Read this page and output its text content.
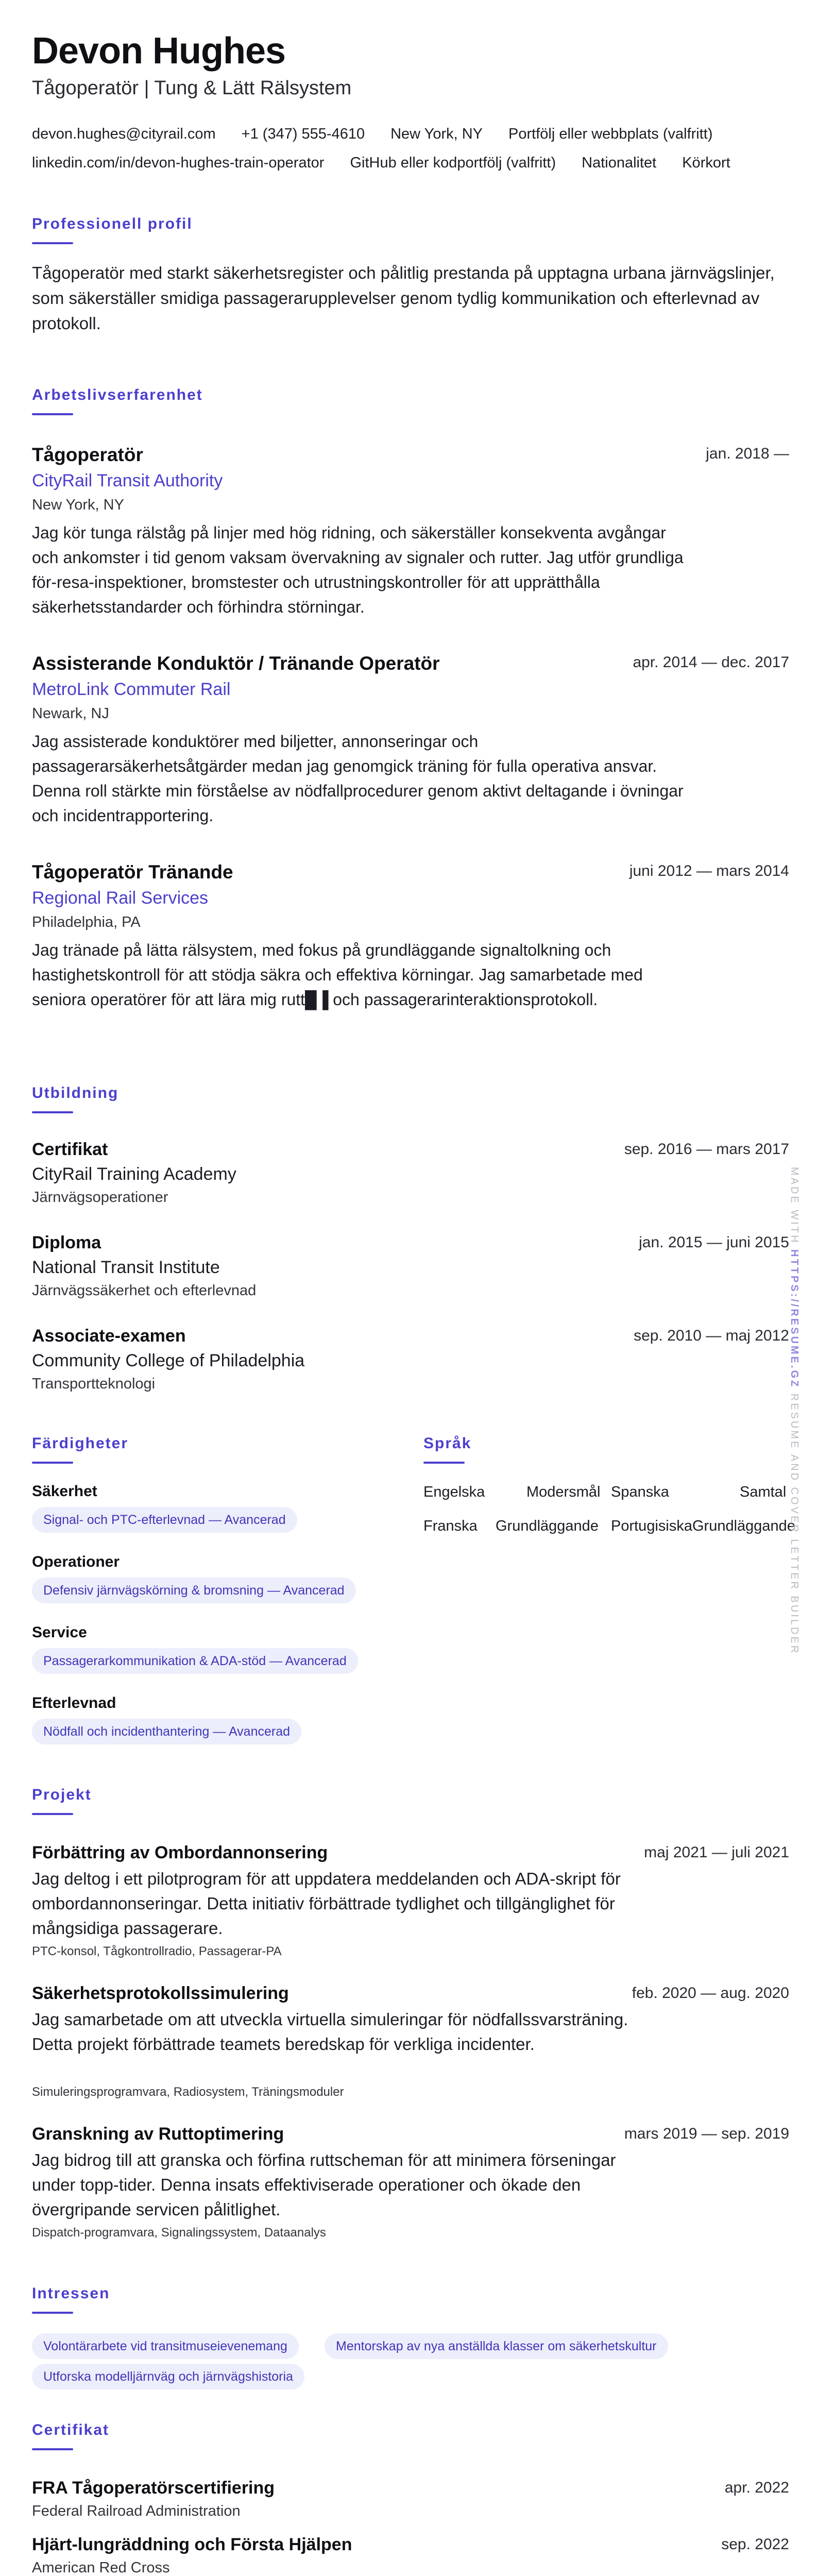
Devon Hughes

Tågoperatör | Tung & Lätt Rälsystem

devon.hughes@cityrail.com +1 (347) 555-4610 New York, NY Portfölj eller webbplats (valfritt)
linkedin.com/in/devon-hughes-train-operator GitHub eller kodportfölj (valfritt) Nationalitet Körkort
Professionell profil

Tågoperatör med starkt säkerhetsregister och pålitlig prestanda på upptagna urbana järnvägslinjer, som säkerställer smidiga passagerarupplevelser genom tydlig kommunikation och efterlevnad av protokoll.

Arbetslivserfarenhet
Tågoperatör	jan. 2018 —
CityRail Transit Authority
New York, NY

Jag kör tunga rälståg på linjer med hög ridning, och säkerställer konsekventa avgångar och ankomster i tid genom vaksam övervakning av signaler och rutter. Jag utför grundliga för-resa-inspektioner, bromstester och utrustningskontroller för att upprätthålla säkerhetsstandarder och förhindra störningar.

Assisterande Konduktör / Tränande Operatör	apr. 2014 — dec. 2017
MetroLink Commuter Rail
Newark, NJ

Jag assisterade konduktörer med biljetter, annonseringar och passagerarsäkerhetsåtgärder medan jag genomgick träning för fulla operativa ansvar. Denna roll stärkte min förståelse av nödfallprocedurer genom aktivt deltagande i övningar och incidentrapportering.

Tågoperatör Tränande	juni 2012 — mars 2014
Regional Rail Services
Philadelphia, PA

Jag tränade på lätta rälsystem, med fokus på grundläggande signaltolkning och hastighetskontroll för att stödja säkra och effektiva körningar. Jag samarbetade med seniora operatörer för att lära mig rutt█▐ och passagerarinteraktionsprotokoll.

Utbildning
Certifikat	sep. 2016 — mars 2017
CityRail Training Academy
Järnvägsoperationer
Diploma	jan. 2015 — juni 2015
National Transit Institute
Järnvägssäkerhet och efterlevnad
Associate-examen	sep. 2010 — maj 2012
Community College of Philadelphia
Transportteknologi
Färdigheter
Säkerhet
Signal- och PTC-efterlevnad — Avancerad
Operationer
Defensiv järnvägskörning & bromsning — Avancerad
Service
Passagerarkommunikation & ADA-stöd — Avancerad
Efterlevnad
Nödfall och incidenthantering — Avancerad
Språk
Engelska	Modersmål Spanska	Samtal
Franska Grundläggande Portugisiska Grundläggande
Projekt
Förbättring av Ombordannonsering	maj 2021 — juli 2021

Jag deltog i ett pilotprogram för att uppdatera meddelanden och ADA-skript för ombordannonseringar. Detta initiativ förbättrade tydlighet och tillgänglighet för mångsidiga passagerare.

PTC-konsol, Tågkontrollradio, Passagerar-PA
Säkerhetsprotokollssimulering	feb. 2020 — aug. 2020

Jag samarbetade om att utveckla virtuella simuleringar för nödfallssvarsträning. Detta projekt förbättrade teamets beredskap för verkliga incidenter.

Simuleringsprogramvara, Radiosystem, Träningsmoduler
Granskning av Ruttoptimering	mars 2019 — sep. 2019

Jag bidrog till att granska och förfina ruttscheman för att minimera förseningar under topp-tider. Denna insats effektiviserade operationer och ökade den övergripande servicen pålitlighet.

Dispatch-programvara, Signalingssystem, Dataanalys
Intressen
Volontärarbete vid transitmuseievenemang	Mentorskap av nya anställda klasser om säkerhetskultur
Utforska modelljärnväg och järnvägshistoria
Certifikat
FRA Tågoperatörscertifiering	apr. 2022
Federal Railroad Administration
Hjärt-lungräddning och Första Hjälpen	sep. 2022
American Red Cross
MADE WITH HTTPS://RESUME.GZ RESUME AND COVER LETTER BUILDER
